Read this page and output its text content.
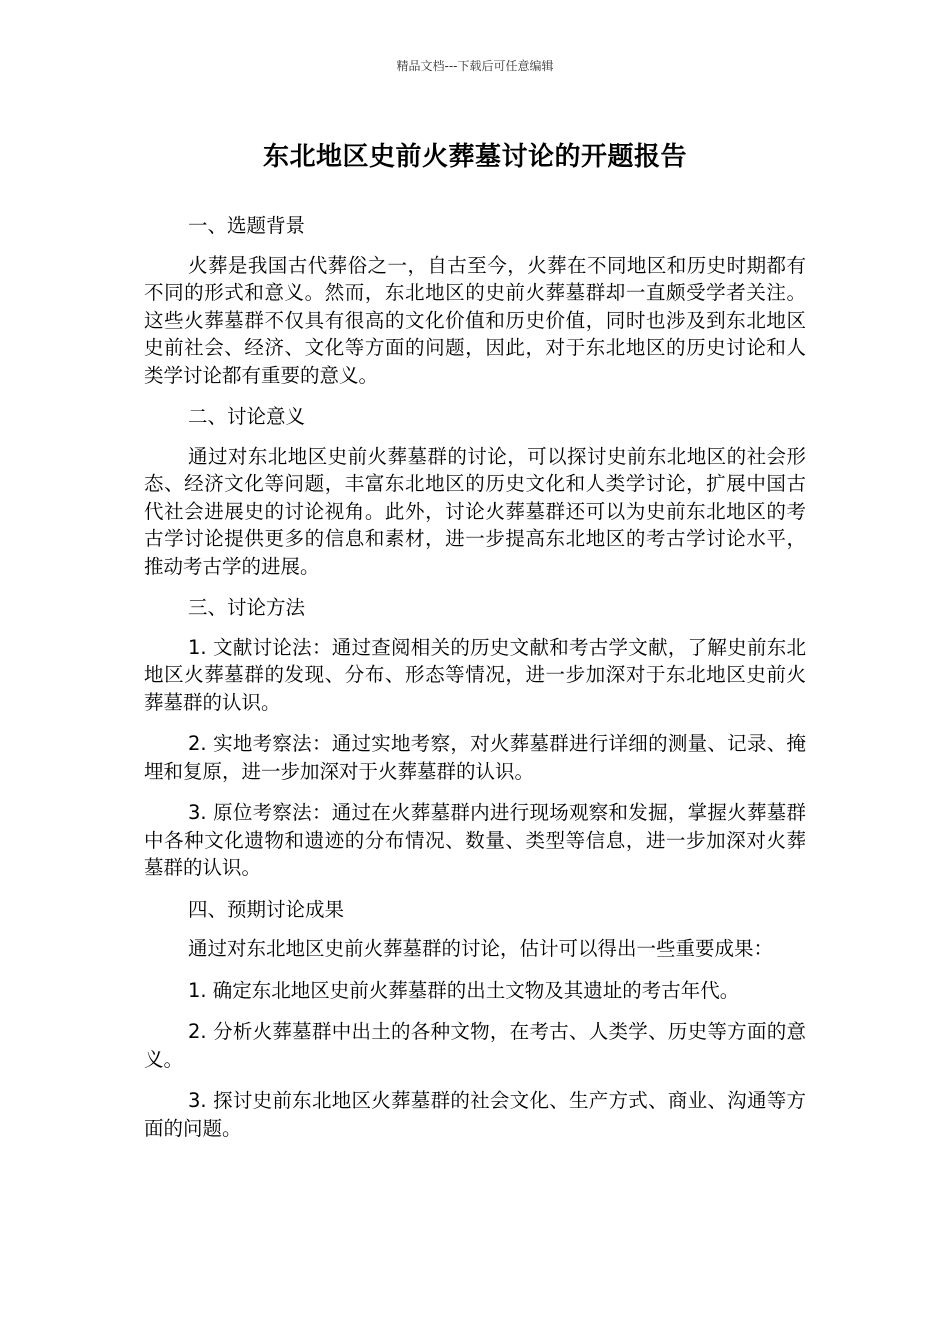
精品文档---下载后可任意编辑
东北地区史前火葬墓讨论的开题报告

一、选题背景

火葬是我国古代葬俗之一，自古至今，火葬在不同地区和历史时期都有不同的形式和意义。然而，东北地区的史前火葬墓群却一直颇受学者关注。这些火葬墓群不仅具有很高的文化价值和历史价值，同时也涉及到东北地区史前社会、经济、文化等方面的问题，因此，对于东北地区的历史讨论和人类学讨论都有重要的意义。

二、讨论意义

通过对东北地区史前火葬墓群的讨论，可以探讨史前东北地区的社会形态、经济文化等问题，丰富东北地区的历史文化和人类学讨论，扩展中国古代社会进展史的讨论视角。此外，讨论火葬墓群还可以为史前东北地区的考古学讨论提供更多的信息和素材，进一步提高东北地区的考古学讨论水平，推动考古学的进展。

三、讨论方法

1. 文献讨论法：通过查阅相关的历史文献和考古学文献，了解史前东北地区火葬墓群的发现、分布、形态等情况，进一步加深对于东北地区史前火葬墓群的认识。

2. 实地考察法：通过实地考察，对火葬墓群进行详细的测量、记录、掩埋和复原，进一步加深对于火葬墓群的认识。

3. 原位考察法：通过在火葬墓群内进行现场观察和发掘，掌握火葬墓群中各种文化遗物和遗迹的分布情况、数量、类型等信息，进一步加深对火葬墓群的认识。

四、预期讨论成果

通过对东北地区史前火葬墓群的讨论，估计可以得出一些重要成果：

1. 确定东北地区史前火葬墓群的出土文物及其遗址的考古年代。

2. 分析火葬墓群中出土的各种文物，在考古、人类学、历史等方面的意义。

3. 探讨史前东北地区火葬墓群的社会文化、生产方式、商业、沟通等方面的问题。
